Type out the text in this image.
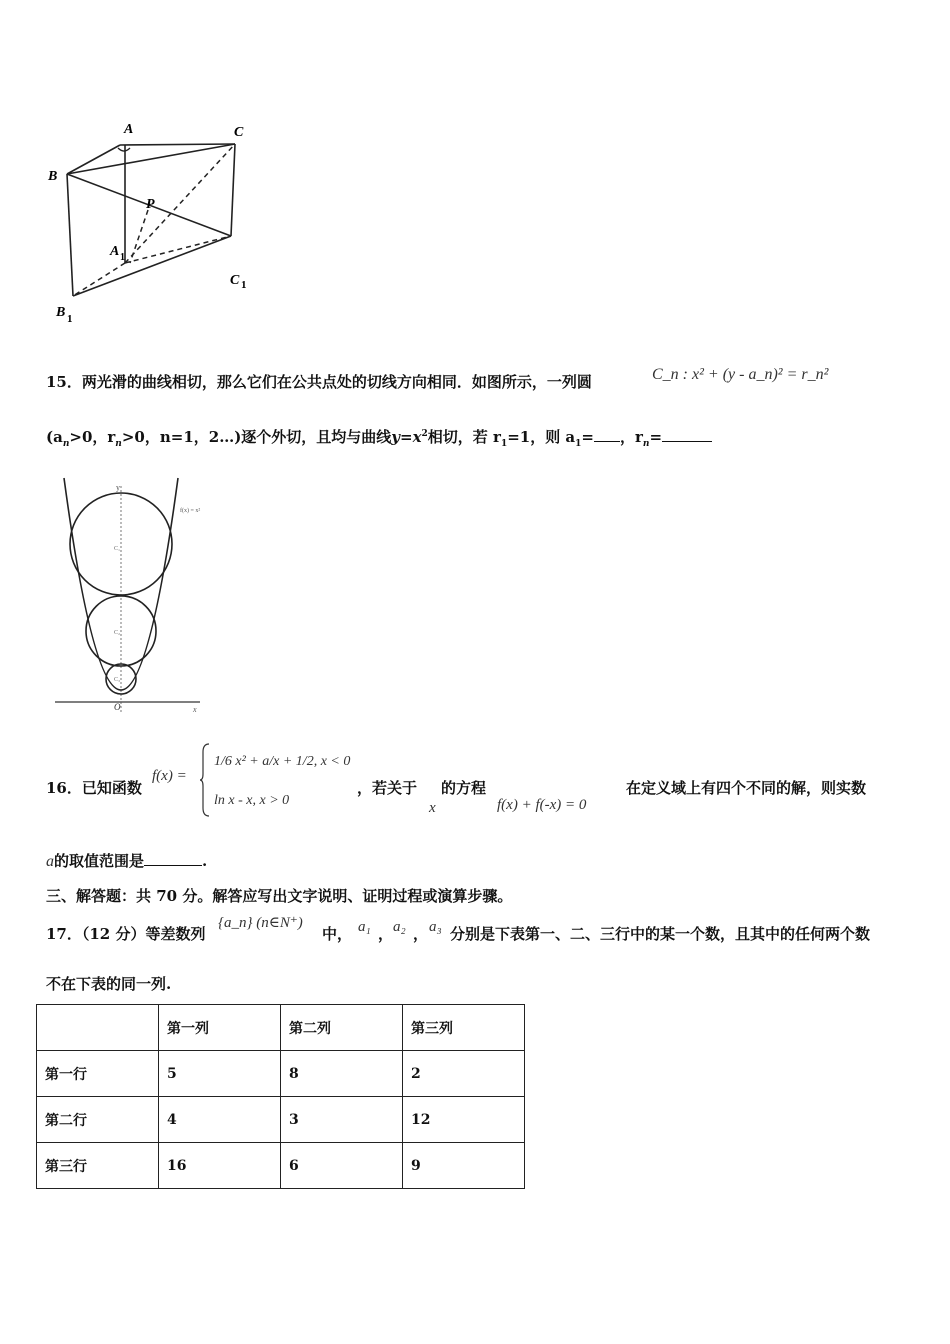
A	C
B
P
A 1
C 1
B 1
15．两光滑的曲线相切，那么它们在公共点处的切线方向相同．如图所示，一列圆	C_n : x² + (y - a_n)² = r_n²
($a_n>0$，$r_n>0$，n=1，2…)逐个外切，且均与曲线$y=x^2$相切，若 $r_1=1$，则 $a_1=$ ，$r_n=$
y
x
O
f(x) = x²
C₁
C₂
C₃
16．已知函数
f(x) =
1/6 x² + a/x + 1/2, x < 0
ln x - x, x > 0
，若关于
x
的方程
f(x) + f(-x) = 0
在定义域上有四个不同的解，则实数
a的取值范围是	.
三、解答题：共 70 分。解答应写出文字说明、证明过程或演算步骤。
17．（12 分）等差数列
{a_n} (n∈N⁺)
中， a₁ ， a₂ ， a₃ 分别是下表第一、二、三行中的某一个数，且其中的任何两个数
不在下表的同一列.
	第一列	第二列	第三列
第一行	5	8	2
第二行	4	3	12
第三行	16	6	9
